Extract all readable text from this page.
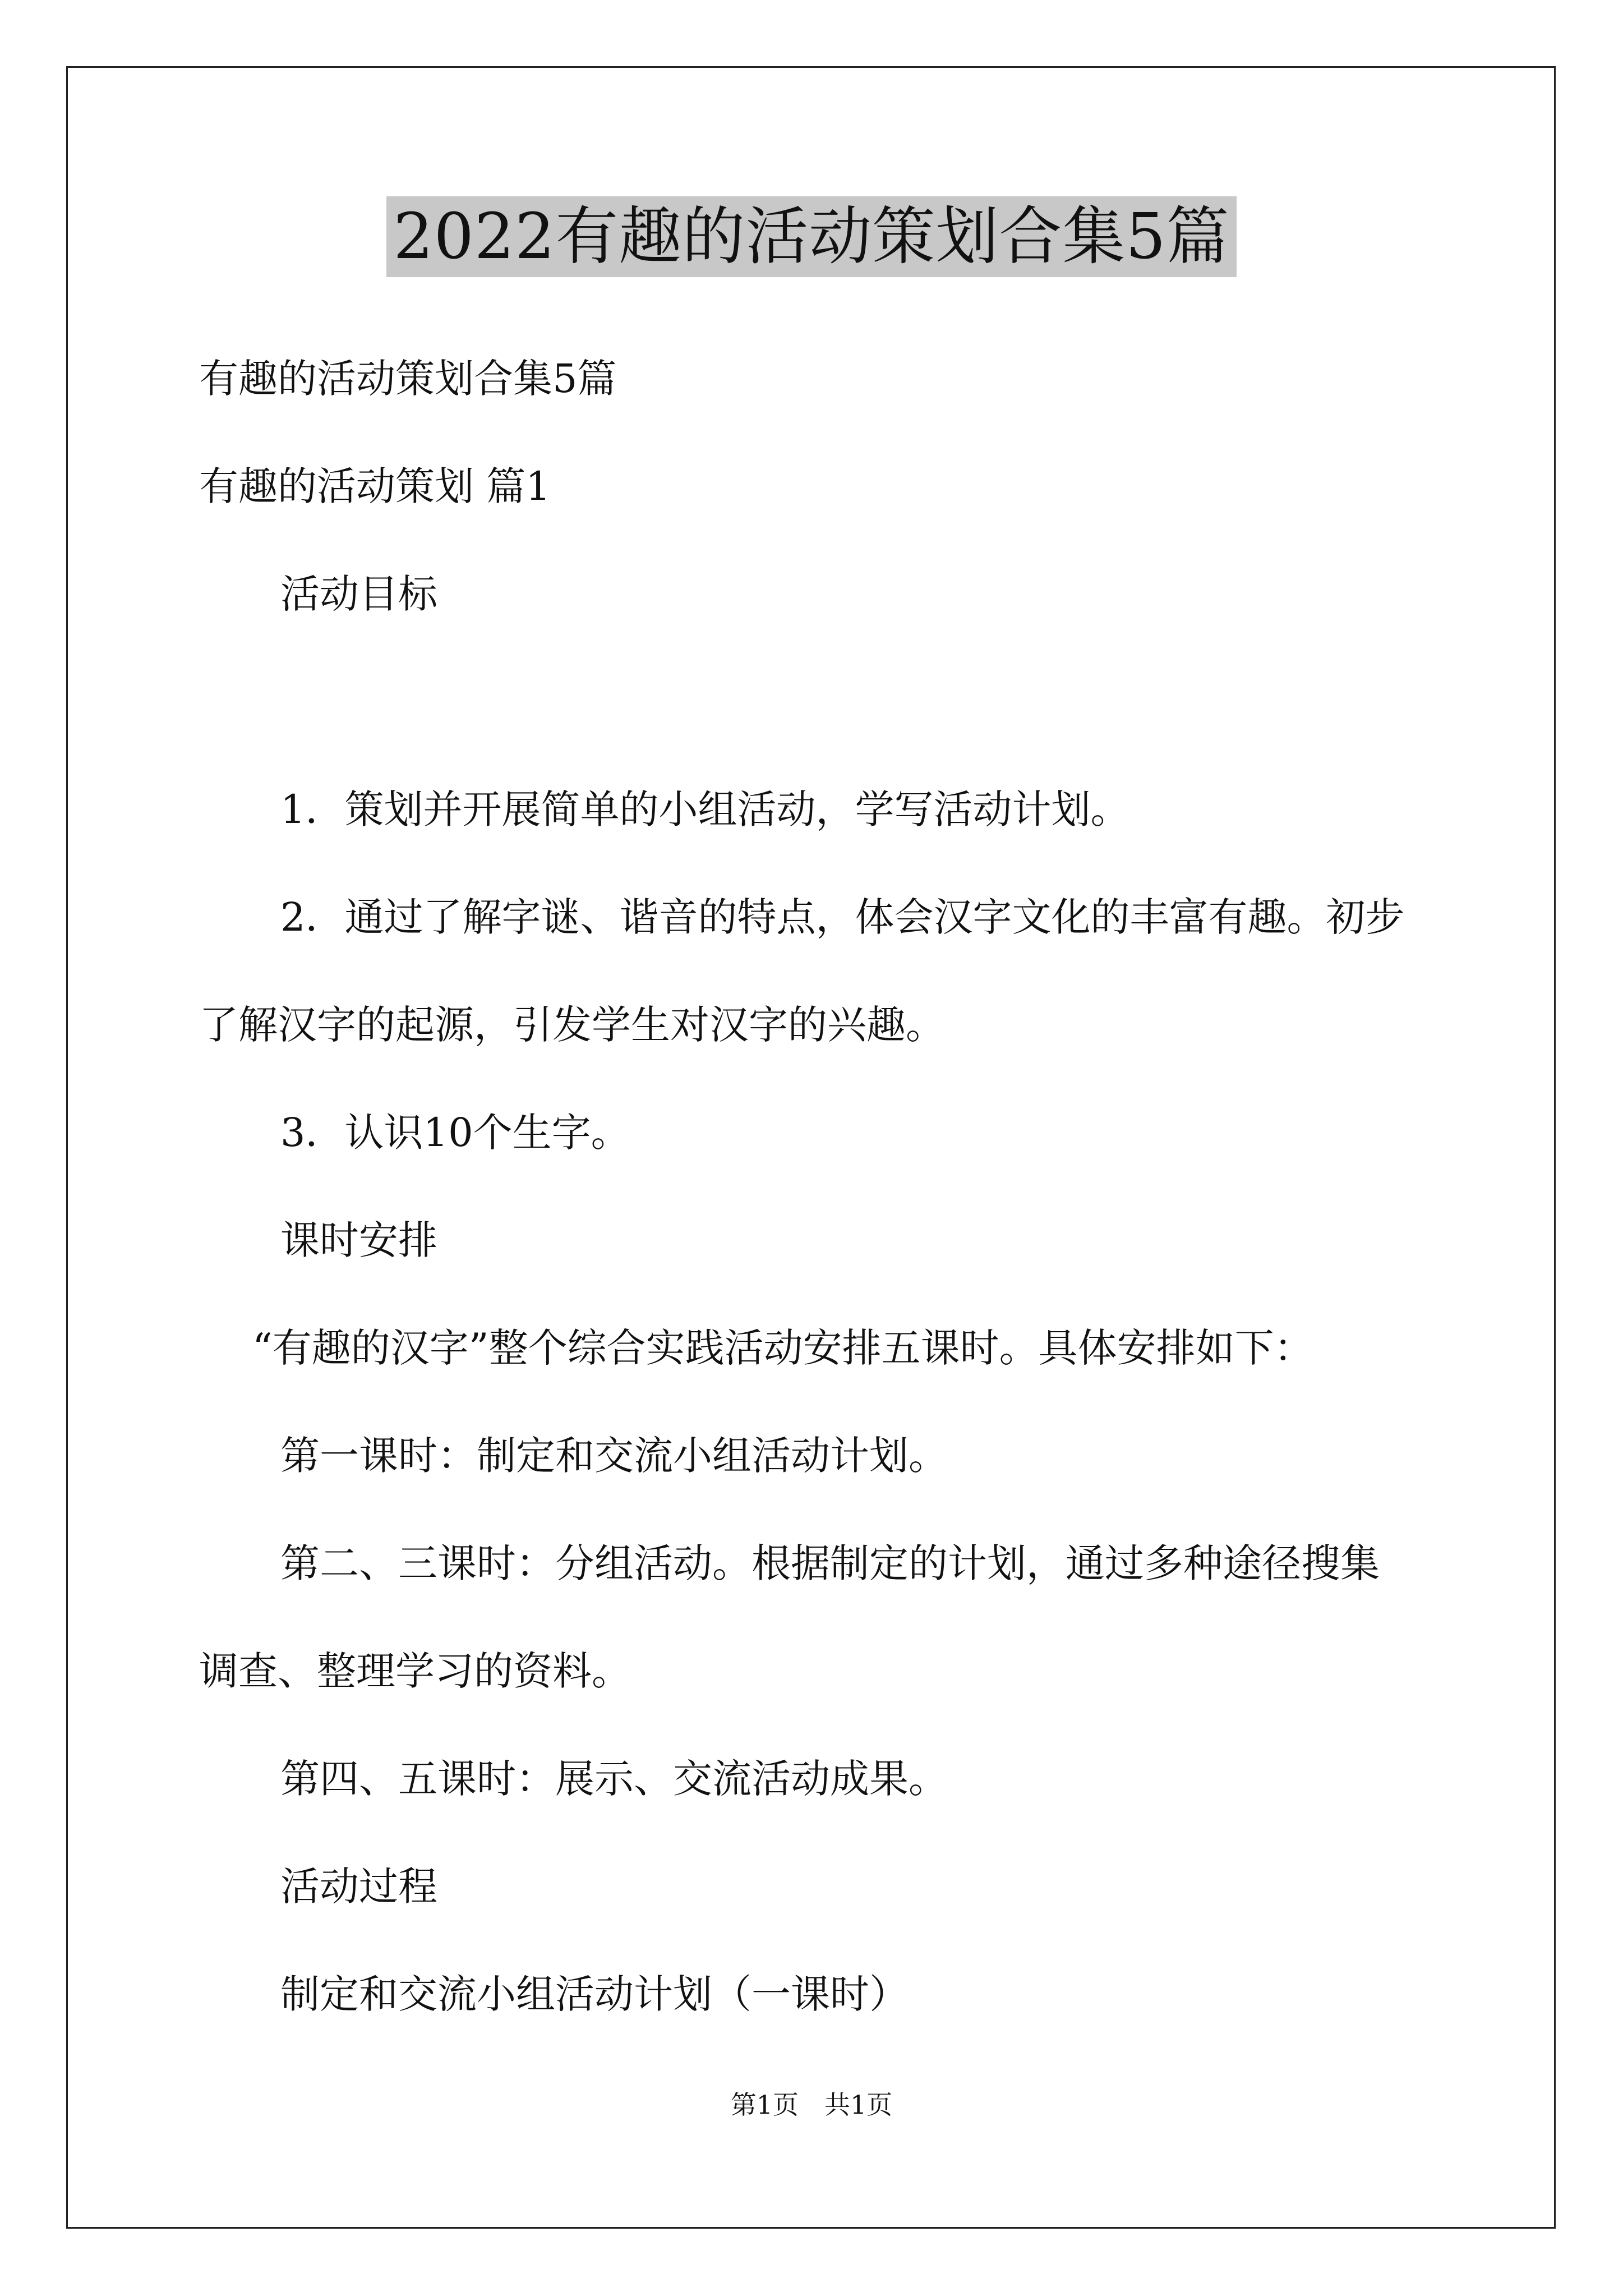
2022有趣的活动策划合集5篇
有趣的活动策划合集5篇
有趣的活动策划 篇1
活动目标
1．策划并开展简单的小组活动，学写活动计划。
2．通过了解字谜、谐音的特点，体会汉字文化的丰富有趣。初步
了解汉字的起源，引发学生对汉字的兴趣。
3．认识10个生字。
课时安排
“有趣的汉字”整个综合实践活动安排五课时。具体安排如下：
第一课时：制定和交流小组活动计划。
第二、三课时：分组活动。根据制定的计划，通过多种途径搜集
调查、整理学习的资料。
第四、五课时：展示、交流活动成果。
活动过程
制定和交流小组活动计划（一课时）
第1页　共1页
